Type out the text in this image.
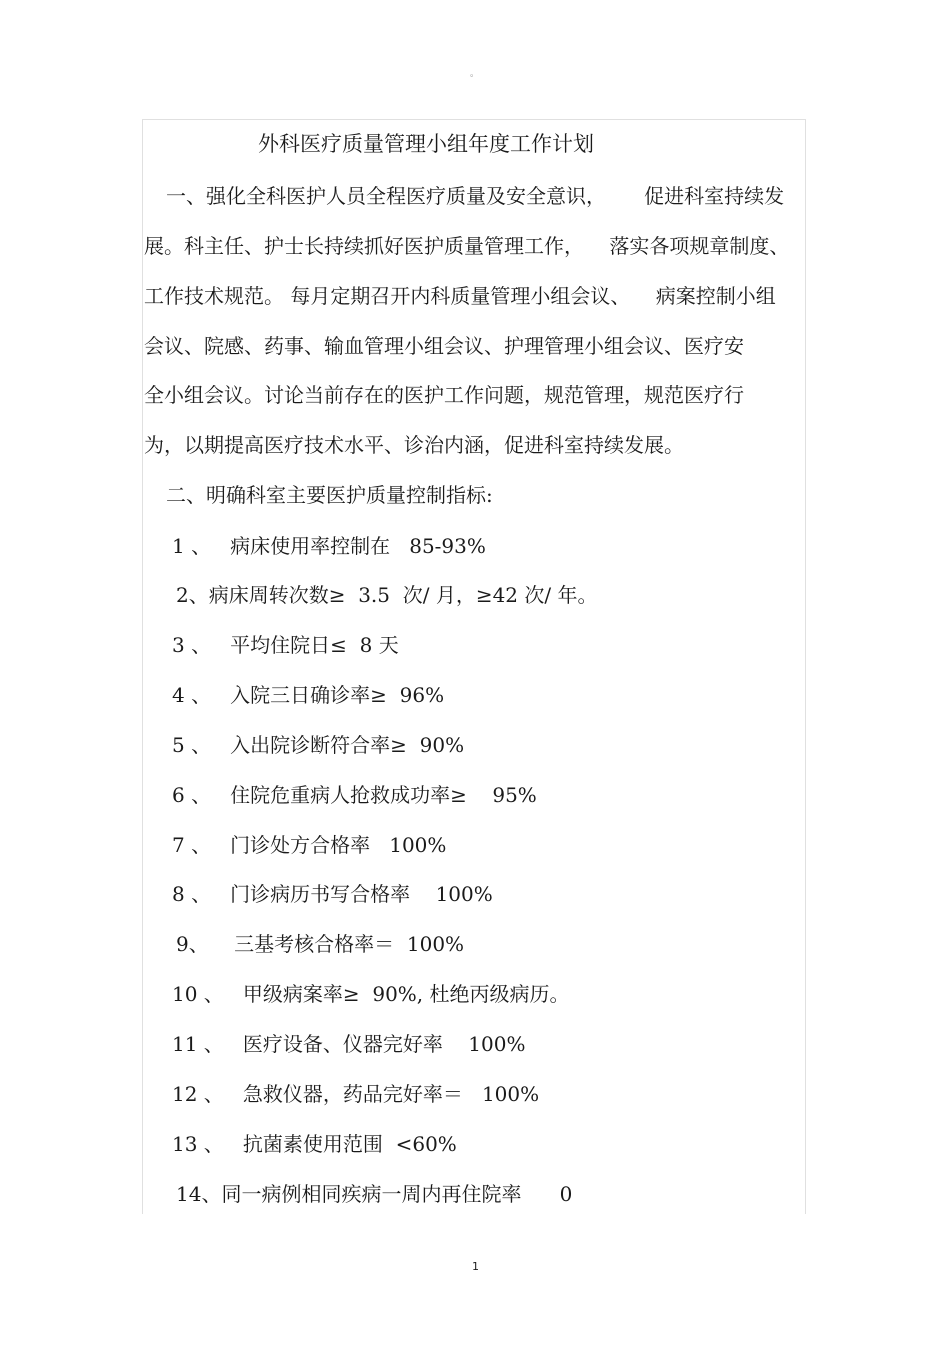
。
外科医疗质量管理小组年度工作计划
一、强化全科医护人员全程医疗质量及安全意识，      促进科室持续发
展。科主任、护士长持续抓好医护质量管理工作，    落实各项规章制度、
工作技术规范。 每月定期召开内科质量管理小组会议、    病案控制小组
会议、院感、药事、输血管理小组会议、护理管理小组会议、医疗安
全小组会议。讨论当前存在的医护工作问题，规范管理，规范医疗行
为，以期提高医疗技术水平、诊治内涵，促进科室持续发展。
二、明确科室主要医护质量控制指标:
1 、   病床使用率控制在   85-93%
2、病床周转次数≥  3.5  次/ 月，≥42 次/ 年。
3 、   平均住院日≤  8 天
4 、   入院三日确诊率≥  96%
5 、   入出院诊断符合率≥  90%
6 、   住院危重病人抢救成功率≥    95%
7 、   门诊处方合格率   100%
8 、   门诊病历书写合格率    100%
9、    三基考核合格率＝  100%
10 、   甲级病案率≥  90%, 杜绝丙级病历。
11 、   医疗设备、仪器完好率    100%
12 、   急救仪器，药品完好率＝   100%
13 、   抗菌素使用范围  <60%
14、同一病例相同疾病一周内再住院率      0
1
